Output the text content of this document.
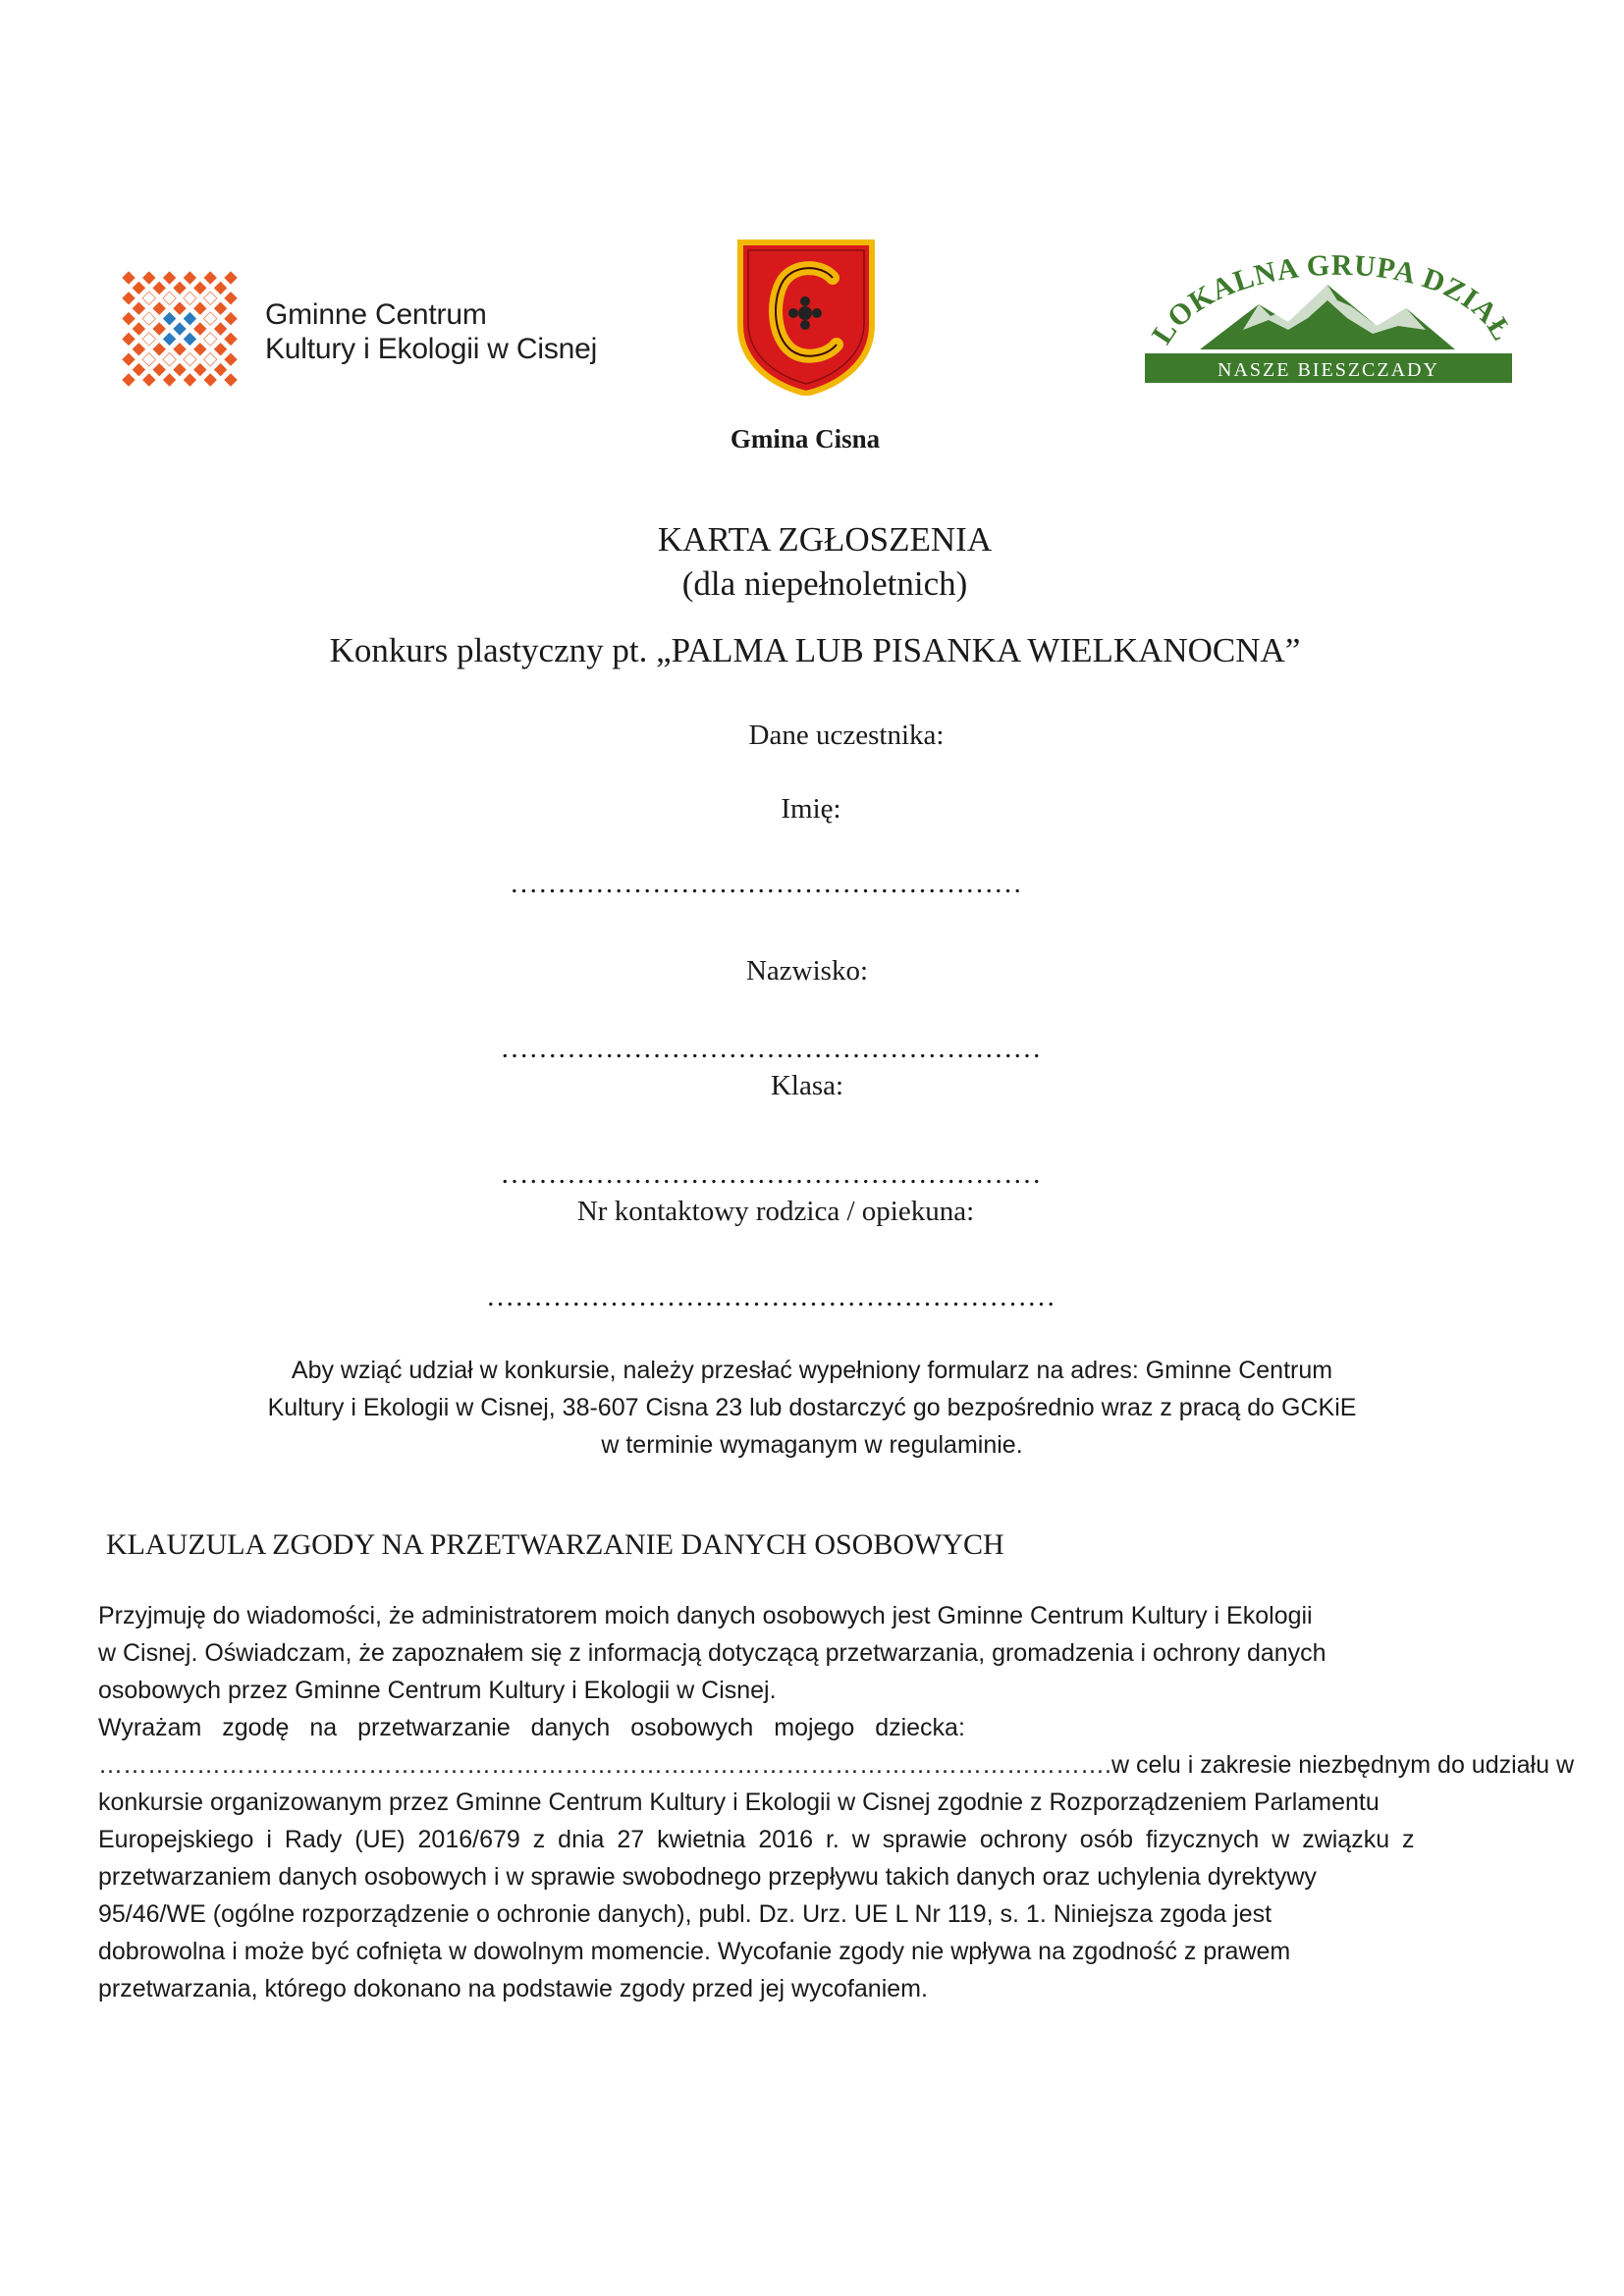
Gminne Centrum
Kultury i Ekologii w Cisnej	LOKALNA GRUPA DZIAŁ
NASZE BIESZCZADY
Gmina Cisna
KARTA ZGŁOSZENIA
(dla niepełnoletnich)
Konkurs plastyczny pt. „PALMA LUB PISANKA WIELKANOCNA”
Dane uczestnika:
Imię:
………………………………………………
Nazwisko:
…………………………………………………
Klasa:
…………………………………………………
Nr kontaktowy rodzica / opiekuna:
……………………………………………………
Aby wziąć udział w konkursie, należy przesłać wypełniony formularz na adres: Gminne Centrum
Kultury i Ekologii w Cisnej, 38-607 Cisna 23 lub dostarczyć go bezpośrednio wraz z pracą do GCKiE
w terminie wymaganym w regulaminie.
KLAUZULA ZGODY NA PRZETWARZANIE DANYCH OSOBOWYCH
Przyjmuję do wiadomości, że administratorem moich danych osobowych jest Gminne Centrum Kultury i Ekologii
w Cisnej. Oświadczam, że zapoznałem się z informacją dotyczącą przetwarzania, gromadzenia i ochrony danych
osobowych przez Gminne Centrum Kultury i Ekologii w Cisnej.
Wyrażam zgodę na przetwarzanie danych osobowych mojego dziecka:
…………………………………………………………………………………………………………….w celu i zakresie niezbędnym do udziału w
konkursie organizowanym przez Gminne Centrum Kultury i Ekologii w Cisnej zgodnie z Rozporządzeniem Parlamentu
Europejskiego i Rady (UE) 2016/679 z dnia 27 kwietnia 2016 r. w sprawie ochrony osób fizycznych w związku z
przetwarzaniem danych osobowych i w sprawie swobodnego przepływu takich danych oraz uchylenia dyrektywy
95/46/WE (ogólne rozporządzenie o ochronie danych), publ. Dz. Urz. UE L Nr 119, s. 1. Niniejsza zgoda jest
dobrowolna i może być cofnięta w dowolnym momencie. Wycofanie zgody nie wpływa na zgodność z prawem
przetwarzania, którego dokonano na podstawie zgody przed jej wycofaniem.
